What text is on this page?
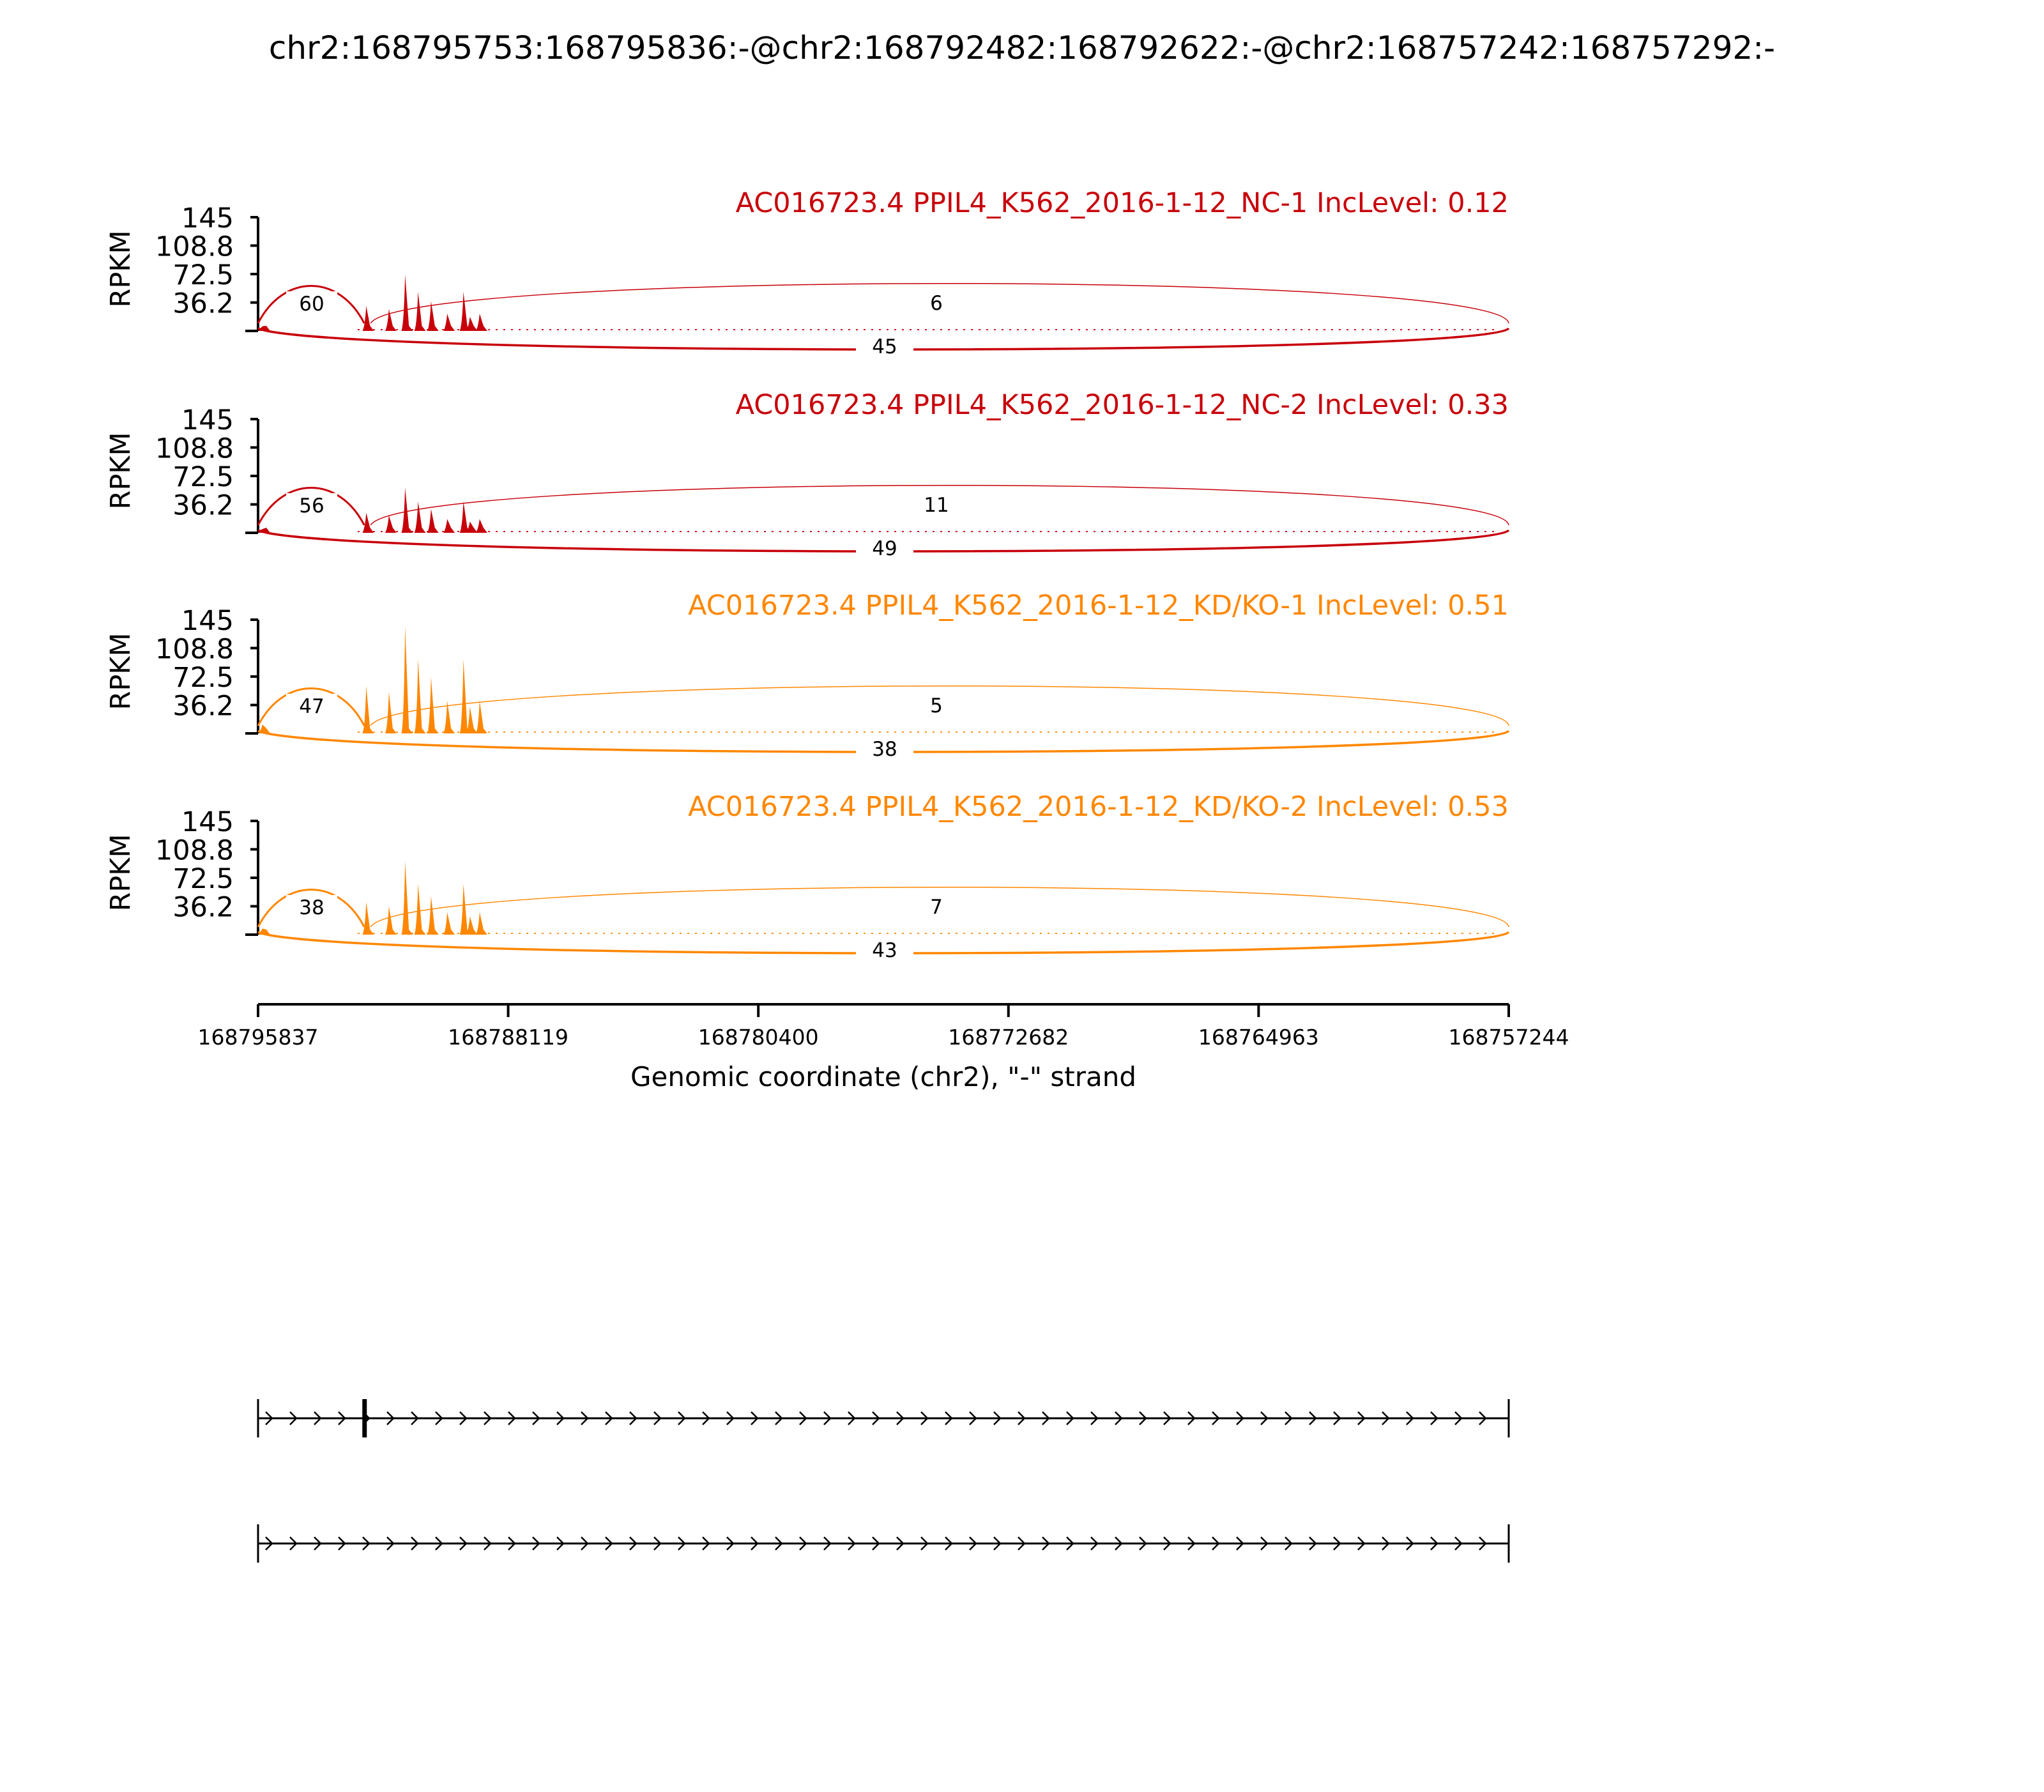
chr2:168795753:168795836:-@chr2:168792482:168792622:-@chr2:168757242:168757292:-
168795837	168788119	168780400	168772682	168764963	168757244
Genomic coordinate (chr2), "-" strand
145
108.8
72.5
36.2
RPKM
AC016723.4 PPIL4_K562_2016-1-12_NC-1 IncLevel: 0.12
60	6
45
145
108.8
72.5
36.2
RPKM
AC016723.4 PPIL4_K562_2016-1-12_NC-2 IncLevel: 0.33
56	11
49
145
108.8
72.5
36.2
RPKM
AC016723.4 PPIL4_K562_2016-1-12_KD/KO-1 IncLevel: 0.51
47	5
38
145
108.8
72.5
36.2
RPKM
AC016723.4 PPIL4_K562_2016-1-12_KD/KO-2 IncLevel: 0.53
38	7
43
